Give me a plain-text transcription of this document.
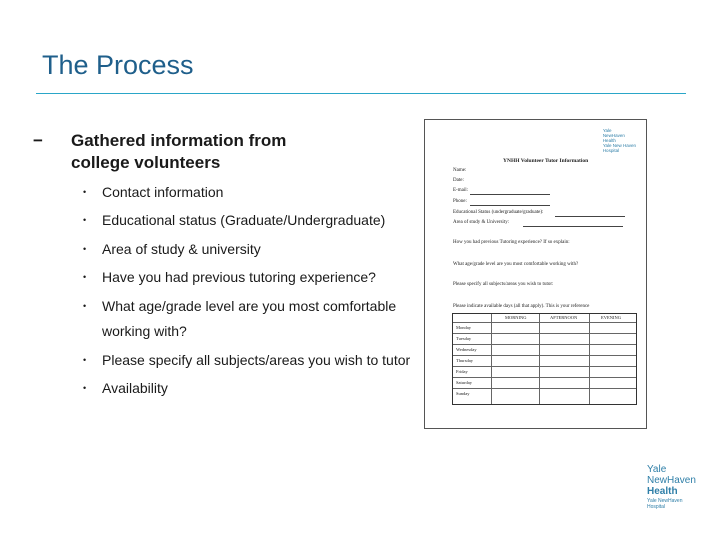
The Process
− Gathered information from college volunteers
• Contact information
• Educational status (Graduate/Undergraduate)
• Area of study & university
• Have you had previous tutoring experience?
• What age/grade level are you most comfortable
• Please specify all subjects/areas you wish to tutor
• Availability
working with?
Yale
NewHaven
Health
Yale New Haven
Hospital
YNHH Volunteer Tutor Information
Name:
Date:
E-mail:
Phone:
Educational Status (undergraduate/graduate):
Area of study & University:
How you had previous Tutoring experience? If so explain:
What age/grade level are you most comfortable working with?
Please specify all subjects/areas you wish to tutor:
Please indicate available days (all that apply). This is your reference
MORNING	AFTERNOON	EVENING
Monday
Tuesday
Wednesday
Thursday
Friday
Saturday
Sunday
Yale
NewHaven
Health
Yale NewHaven
Hospital
